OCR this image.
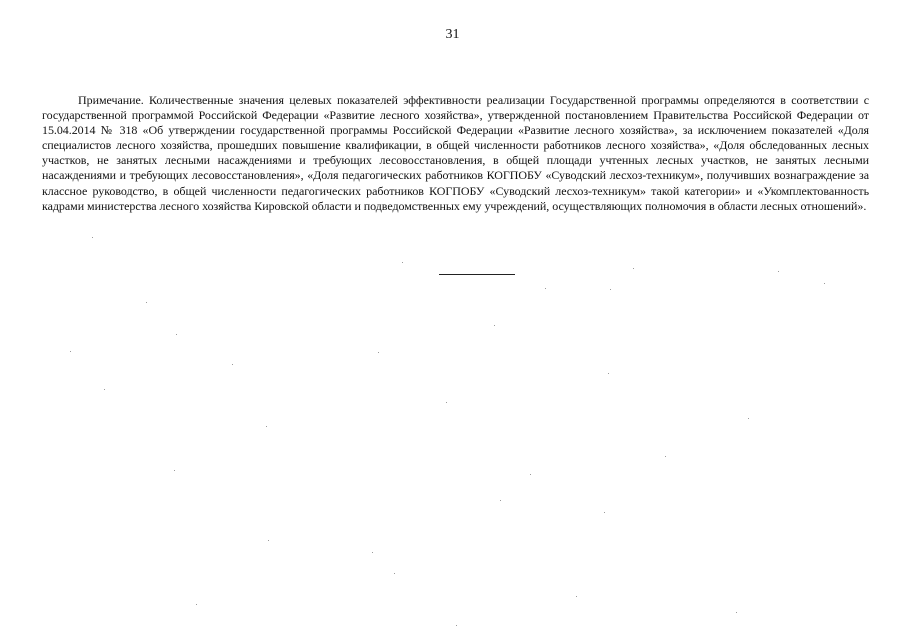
31

Примечание. Количественные значения целевых показателей эффективности реализации Государственной программы определяются в соответствии с государственной программой Российской Федерации «Развитие лесного хозяйства», утвержденной постановлением Правительства Российской Федерации от 15.04.2014 № 318 «Об утверждении государственной программы Российской Федерации «Развитие лесного хозяйства», за исключением показателей «Доля специалистов лесного хозяйства, прошедших повышение квалификации, в общей численности работников лесного хозяйства», «Доля обследованных лесных участков, не занятых лесными насаждениями и требующих лесовосстановления, в общей площади учтенных лесных участков, не занятых лесными насаждениями и требующих лесовосстановления», «Доля педагогических работников КОГПОБУ «Суводский лесхоз-техникум», получивших вознаграждение за классное руководство, в общей численности педагогических работников КОГПОБУ «Суводский лесхоз-техникум» такой категории» и «Укомплектованность кадрами министерства лесного хозяйства Кировской области и подведомственных ему учреждений, осуществляющих полномочия в области лесных отношений».
